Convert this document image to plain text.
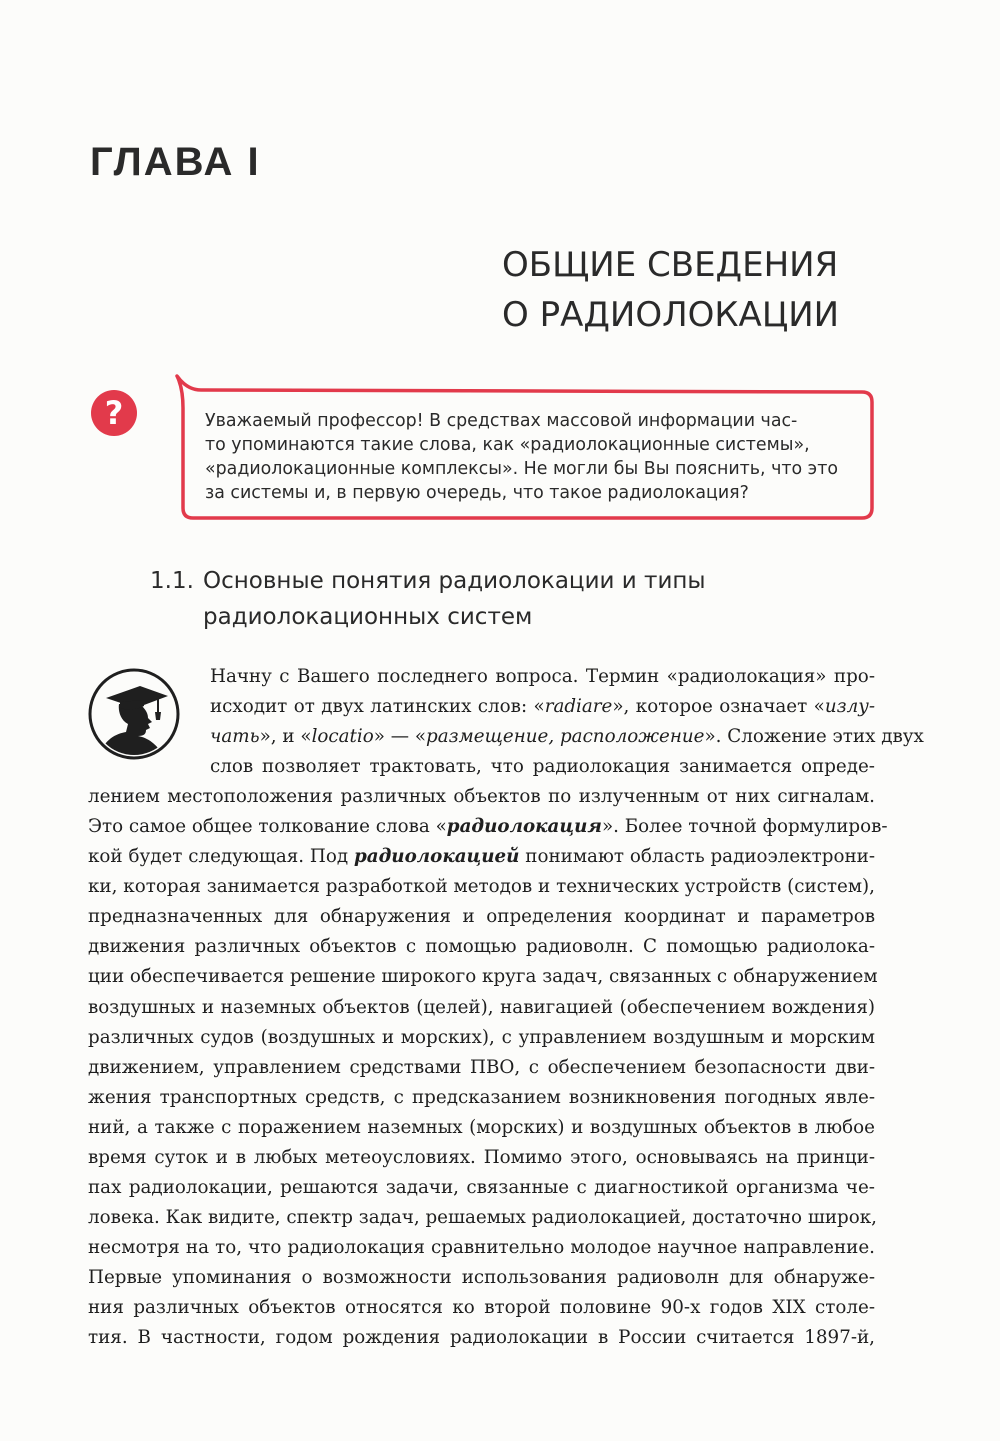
ГЛАВА I
ОБЩИЕ СВЕДЕНИЯ
О РАДИОЛОКАЦИИ
?	Уважаемый профессор! В средствах массовой информации час-
то упоминаются такие слова, как «радиолокационные системы»,
«радиолокационные комплексы». Не могли бы Вы пояснить, что это
за системы и, в первую очередь, что такое радиолокация?
1.1. Основные понятия радиолокации и типы
радиолокационных систем
Начну с Вашего последнего вопроса. Термин «радиолокация» про-
исходит от двух латинских слов: «radiare», которое означает «излу-
чать», и «locatio» — «размещение, расположение». Сложение этих двух
слов позволяет трактовать, что радиолокация занимается опреде-
лением местоположения различных объектов по излученным от них сигналам.
Это самое общее толкование слова «радиолокация». Более точной формулиров-
кой будет следующая. Под радиолокацией понимают область радиоэлектрони-
ки, которая занимается разработкой методов и технических устройств (систем),
предназначенных для обнаружения и определения координат и параметров
движения различных объектов с помощью радиоволн. С помощью радиолока-
ции обеспечивается решение широкого круга задач, связанных с обнаружением
воздушных и наземных объектов (целей), навигацией (обеспечением вождения)
различных судов (воздушных и морских), с управлением воздушным и морским
движением, управлением средствами ПВО, с обеспечением безопасности дви-
жения транспортных средств, с предсказанием возникновения погодных явле-
ний, а также с поражением наземных (морских) и воздушных объектов в любое
время суток и в любых метеоусловиях. Помимо этого, основываясь на принци-
пах радиолокации, решаются задачи, связанные с диагностикой организма че-
ловека. Как видите, спектр задач, решаемых радиолокацией, достаточно широк,
несмотря на то, что радиолокация сравнительно молодое научное направление.
Первые упоминания о возможности использования радиоволн для обнаруже-
ния различных объектов относятся ко второй половине 90-х годов XIX столе-
тия. В частности, годом рождения радиолокации в России считается 1897-й,
